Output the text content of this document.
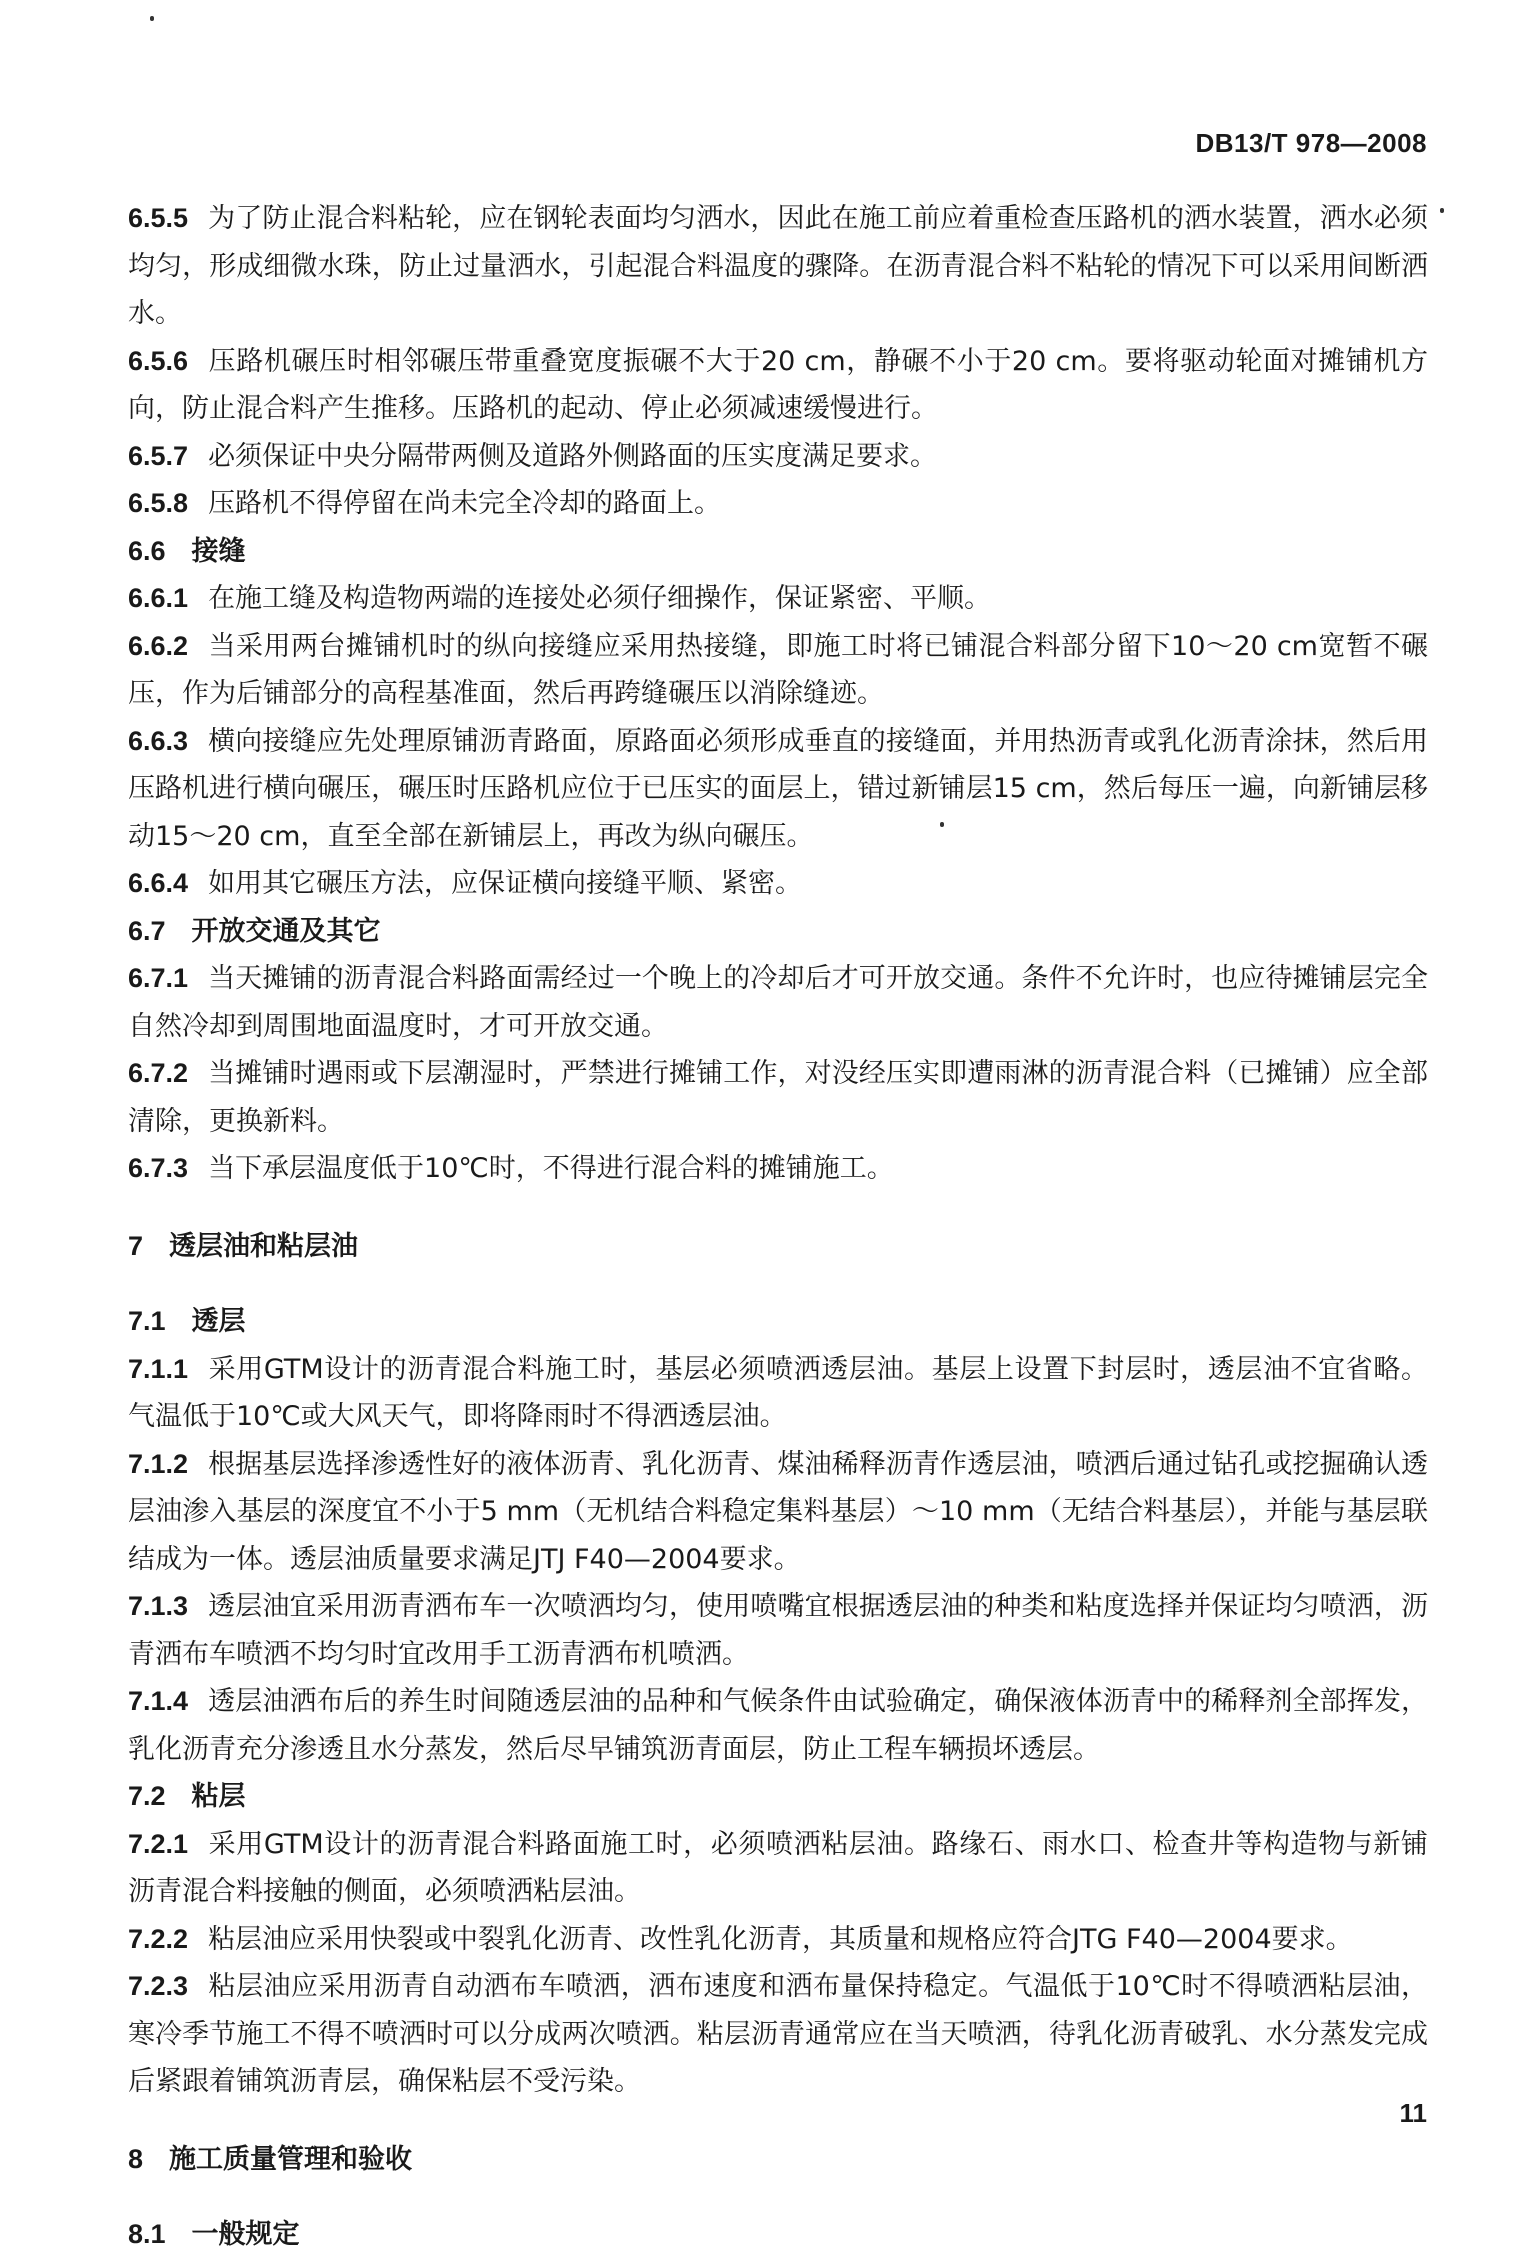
DB13/T 978—2008
6.5.5 为了防止混合料粘轮，应在钢轮表面均匀洒水，因此在施工前应着重检查压路机的洒水装置，洒水必须均匀，形成细微水珠，防止过量洒水，引起混合料温度的骤降。在沥青混合料不粘轮的情况下可以采用间断洒水。
6.5.6 压路机碾压时相邻碾压带重叠宽度振碾不大于20 cm，静碾不小于20 cm。要将驱动轮面对摊铺机方向，防止混合料产生推移。压路机的起动、停止必须减速缓慢进行。
6.5.7 必须保证中央分隔带两侧及道路外侧路面的压实度满足要求。
6.5.8 压路机不得停留在尚未完全冷却的路面上。
6.6 接缝
6.6.1 在施工缝及构造物两端的连接处必须仔细操作，保证紧密、平顺。
6.6.2 当采用两台摊铺机时的纵向接缝应采用热接缝，即施工时将已铺混合料部分留下10～20 cm宽暂不碾压，作为后铺部分的高程基准面，然后再跨缝碾压以消除缝迹。
6.6.3 横向接缝应先处理原铺沥青路面，原路面必须形成垂直的接缝面，并用热沥青或乳化沥青涂抹，然后用压路机进行横向碾压，碾压时压路机应位于已压实的面层上，错过新铺层15 cm，然后每压一遍，向新铺层移动15～20 cm，直至全部在新铺层上，再改为纵向碾压。
6.6.4 如用其它碾压方法，应保证横向接缝平顺、紧密。
6.7 开放交通及其它
6.7.1 当天摊铺的沥青混合料路面需经过一个晚上的冷却后才可开放交通。条件不允许时，也应待摊铺层完全自然冷却到周围地面温度时，才可开放交通。
6.7.2 当摊铺时遇雨或下层潮湿时，严禁进行摊铺工作，对没经压实即遭雨淋的沥青混合料（已摊铺）应全部清除，更换新料。
6.7.3 当下承层温度低于10℃时，不得进行混合料的摊铺施工。
7 透层油和粘层油
7.1 透层
7.1.1 采用GTM设计的沥青混合料施工时，基层必须喷洒透层油。基层上设置下封层时，透层油不宜省略。气温低于10℃或大风天气，即将降雨时不得洒透层油。
7.1.2 根据基层选择渗透性好的液体沥青、乳化沥青、煤油稀释沥青作透层油，喷洒后通过钻孔或挖掘确认透层油渗入基层的深度宜不小于5 mm（无机结合料稳定集料基层）～10 mm（无结合料基层），并能与基层联结成为一体。透层油质量要求满足JTJ F40—2004要求。
7.1.3 透层油宜采用沥青洒布车一次喷洒均匀，使用喷嘴宜根据透层油的种类和粘度选择并保证均匀喷洒，沥青洒布车喷洒不均匀时宜改用手工沥青洒布机喷洒。
7.1.4 透层油洒布后的养生时间随透层油的品种和气候条件由试验确定，确保液体沥青中的稀释剂全部挥发，乳化沥青充分渗透且水分蒸发，然后尽早铺筑沥青面层，防止工程车辆损坏透层。
7.2 粘层
7.2.1 采用GTM设计的沥青混合料路面施工时，必须喷洒粘层油。路缘石、雨水口、检查井等构造物与新铺沥青混合料接触的侧面，必须喷洒粘层油。
7.2.2 粘层油应采用快裂或中裂乳化沥青、改性乳化沥青，其质量和规格应符合JTG F40—2004要求。
7.2.3 粘层油应采用沥青自动洒布车喷洒，洒布速度和洒布量保持稳定。气温低于10℃时不得喷洒粘层油，寒冷季节施工不得不喷洒时可以分成两次喷洒。粘层沥青通常应在当天喷洒，待乳化沥青破乳、水分蒸发完成后紧跟着铺筑沥青层，确保粘层不受污染。
8 施工质量管理和验收
8.1 一般规定
11
